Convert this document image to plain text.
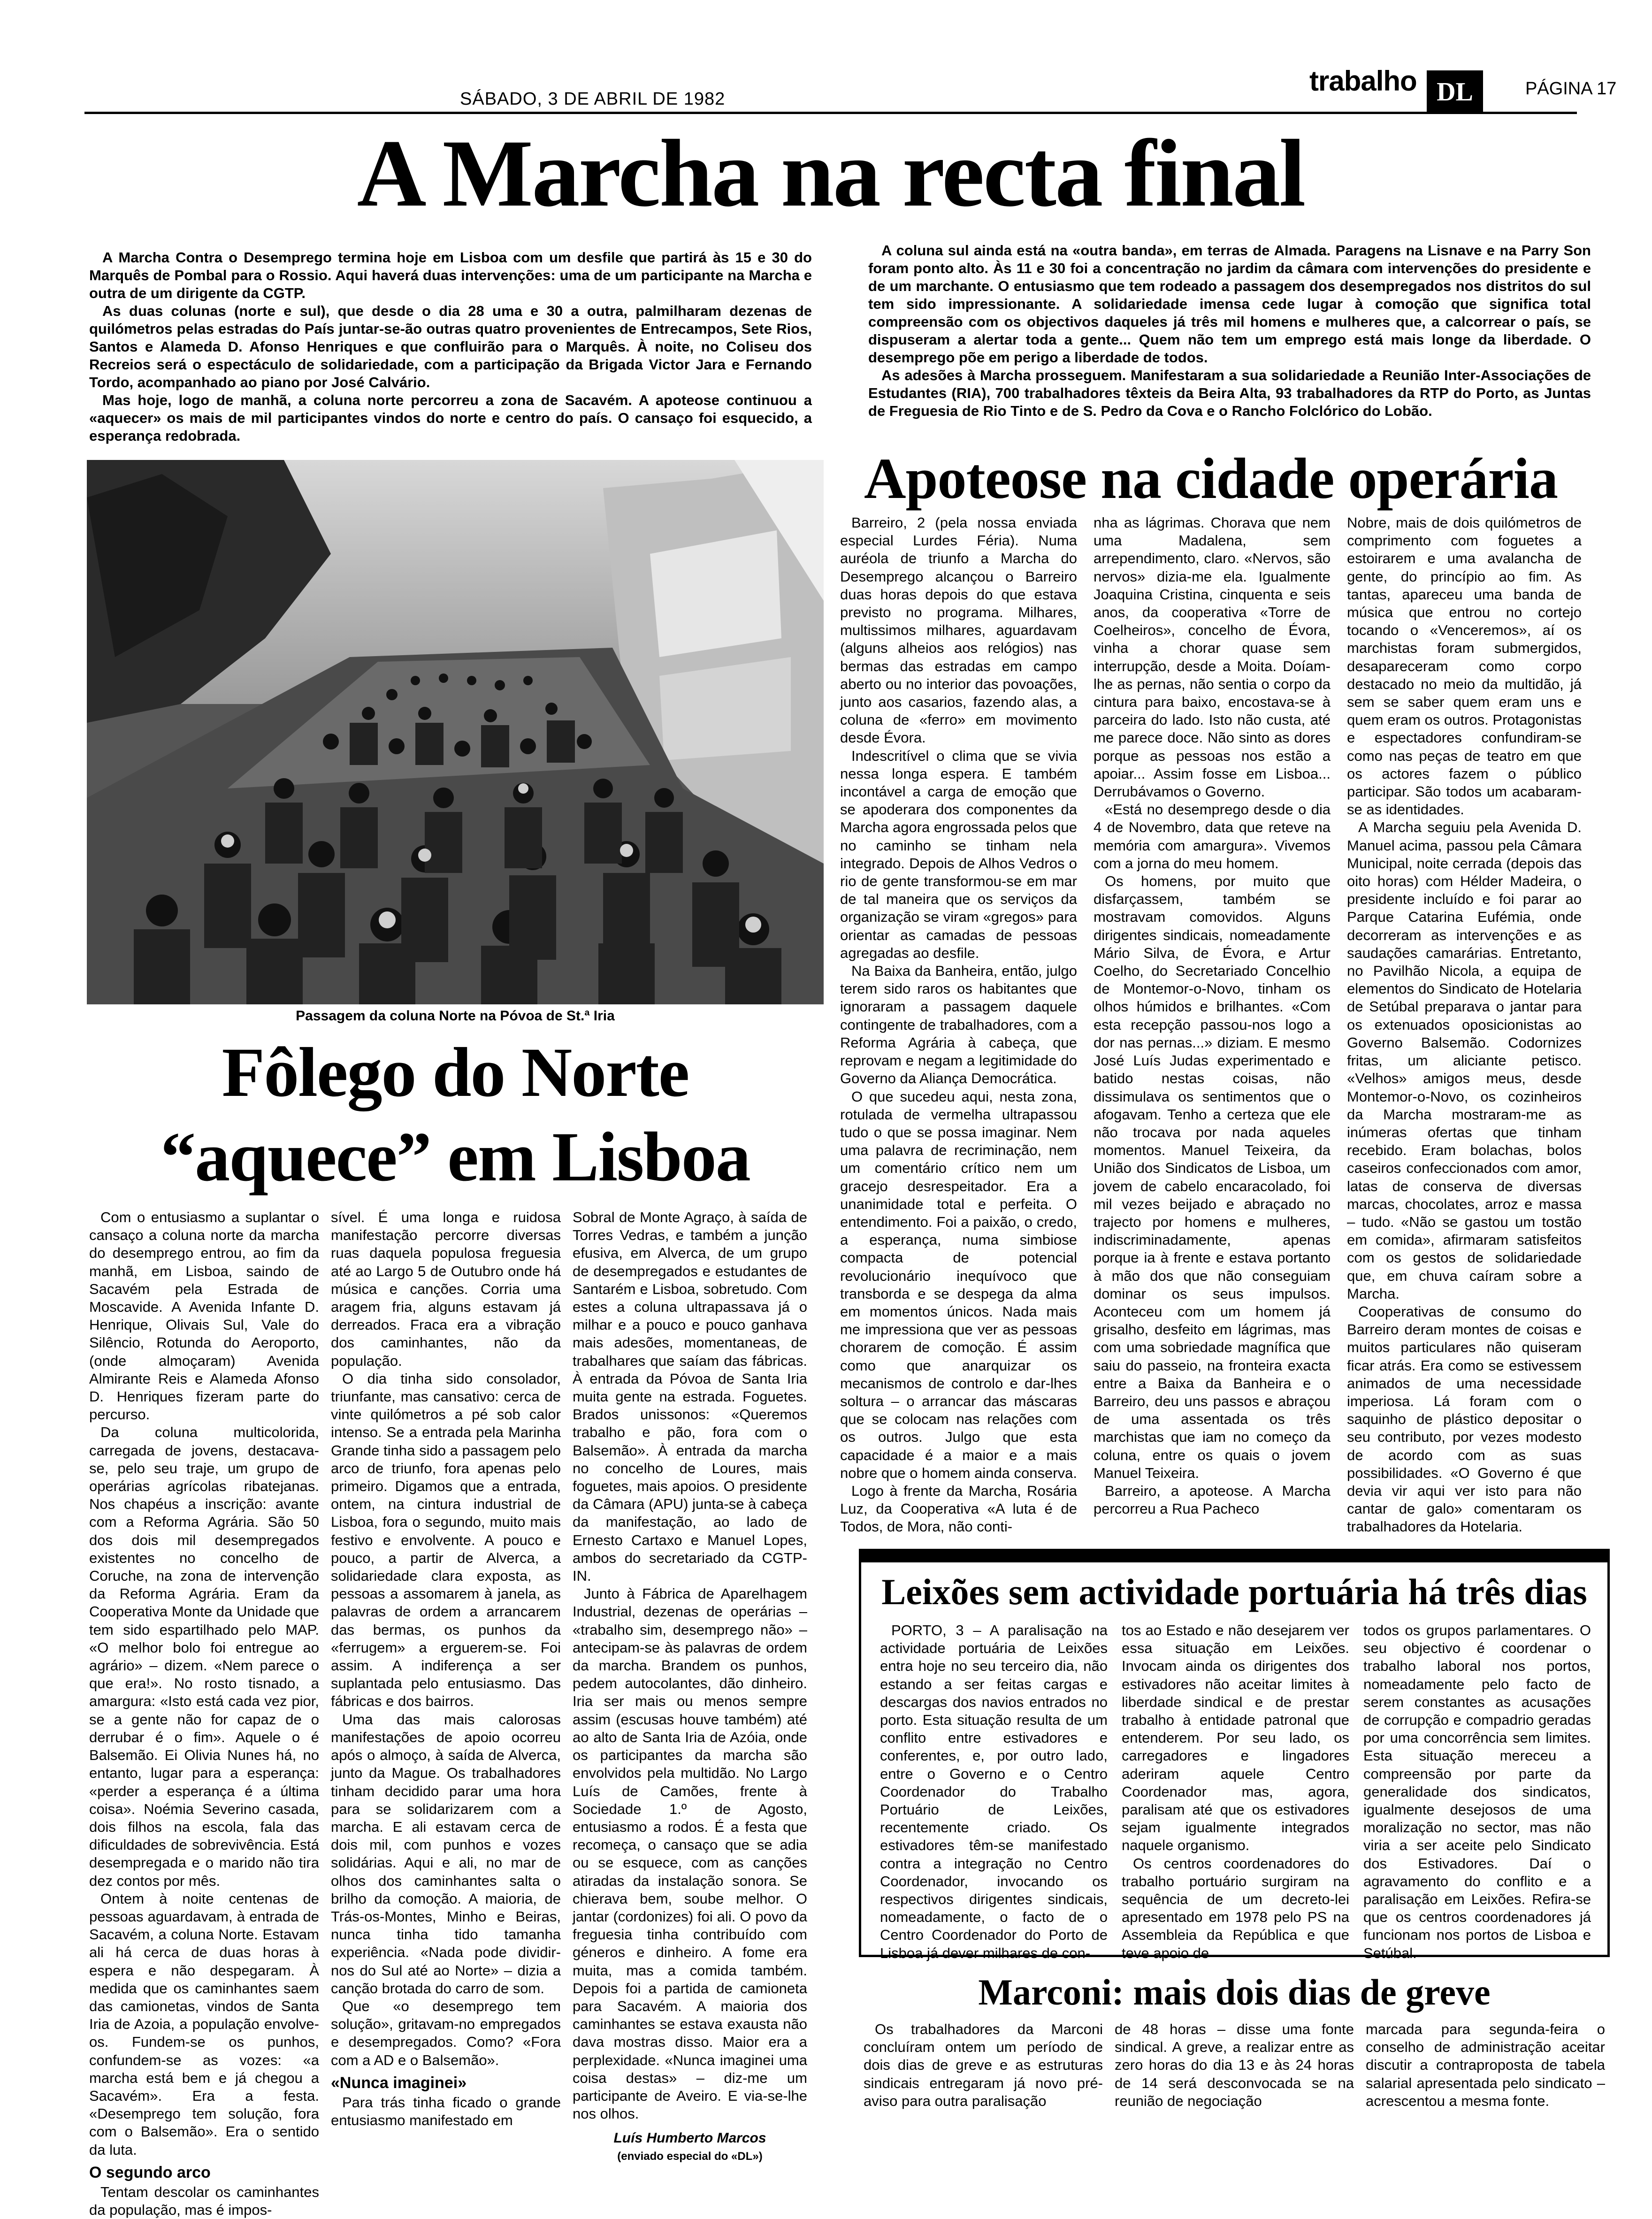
SÁBADO, 3 DE ABRIL DE 1982
trabalho DL	PÁGINA 17
A Marcha na recta final

A Marcha Contra o Desemprego termina hoje em Lisboa com um desfile que partirá às 15 e 30 do Marquês de Pombal para o Rossio. Aqui haverá duas intervenções: uma de um participante na Marcha e outra de um dirigente da CGTP.

As duas colunas (norte e sul), que desde o dia 28 uma e 30 a outra, palmilharam dezenas de quilómetros pelas estradas do País juntar-se-ão outras quatro provenientes de Entrecampos, Sete Rios, Santos e Alameda D. Afonso Henriques e que confluirão para o Marquês. À noite, no Coliseu dos Recreios será o espectáculo de solidariedade, com a participação da Brigada Victor Jara e Fernando Tordo, acompanhado ao piano por José Calvário.

Mas hoje, logo de manhã, a coluna norte percorreu a zona de Sacavém. A apoteose continuou a «aquecer» os mais de mil participantes vindos do norte e centro do país. O cansaço foi esquecido, a esperança redobrada.

A coluna sul ainda está na «outra banda», em terras de Almada. Paragens na Lisnave e na Parry Son foram ponto alto. Às 11 e 30 foi a concentração no jardim da câmara com intervenções do presidente e de um marchante. O entusiasmo que tem rodeado a passagem dos desempregados nos distritos do sul tem sido impressionante. A solidariedade imensa cede lugar à comoção que significa total compreensão com os objectivos daqueles já três mil homens e mulheres que, a calcorrear o país, se dispuseram a alertar toda a gente... Quem não tem um emprego está mais longe da liberdade. O desemprego põe em perigo a liberdade de todos.

As adesões à Marcha prosseguem. Manifestaram a sua solidariedade a Reunião Inter-Associações de Estudantes (RIA), 700 trabalhadores têxteis da Beira Alta, 93 trabalhadores da RTP do Porto, as Juntas de Freguesia de Rio Tinto e de S. Pedro da Cova e o Rancho Folclórico do Lobão.

Passagem da coluna Norte na Póvoa de St.ª Iria
Fôlego do Norte
“aquece” em Lisboa

Com o entusiasmo a suplantar o cansaço a coluna norte da marcha do desemprego entrou, ao fim da manhã, em Lisboa, saindo de Sacavém pela Estrada de Moscavide. A Avenida Infante D. Henrique, Olivais Sul, Vale do Silêncio, Rotunda do Aeroporto, (onde almoçaram) Avenida Almirante Reis e Alameda Afonso D. Henriques fizeram parte do percurso.

Da coluna multicolorida, carregada de jovens, destacava-se, pelo seu traje, um grupo de operárias agrícolas ribatejanas. Nos chapéus a inscrição: avante com a Reforma Agrária. São 50 dos dois mil desempregados existentes no concelho de Coruche, na zona de intervenção da Reforma Agrária. Eram da Cooperativa Monte da Unidade que tem sido espartilhado pelo MAP. «O melhor bolo foi entregue ao agrário» – dizem. «Nem parece o que era!». No rosto tisnado, a amargura: «Isto está cada vez pior, se a gente não for capaz de o derrubar é o fim». Aquele o é Balsemão. Ei Olivia Nunes há, no entanto, lugar para a esperança: «perder a esperança é a última coisa». Noémia Severino casada, dois filhos na escola, fala das dificuldades de sobrevivência. Está desempregada e o marido não tira dez contos por mês.

Ontem à noite centenas de pessoas aguardavam, à entrada de Sacavém, a coluna Norte. Estavam ali há cerca de duas horas à espera e não despegaram. À medida que os caminhantes saem das camionetas, vindos de Santa Iria de Azoia, a população envolve-os. Fundem-se os punhos, confundem-se as vozes: «a marcha está bem e já chegou a Sacavém». Era a festa. «Desemprego tem solução, fora com o Balsemão». Era o sentido da luta.

O segundo arco

Tentam descolar os caminhantes da população, mas é impos-

sível. É uma longa e ruidosa manifestação percorre diversas ruas daquela populosa freguesia até ao Largo 5 de Outubro onde há música e canções. Corria uma aragem fria, alguns estavam já derreados. Fraca era a vibração dos caminhantes, não da população.

O dia tinha sido consolador, triunfante, mas cansativo: cerca de vinte quilómetros a pé sob calor intenso. Se a entrada pela Marinha Grande tinha sido a passagem pelo arco de triunfo, fora apenas pelo primeiro. Digamos que a entrada, ontem, na cintura industrial de Lisboa, fora o segundo, muito mais festivo e envolvente. A pouco e pouco, a partir de Alverca, a solidariedade clara exposta, as pessoas a assomarem à janela, as palavras de ordem a arrancarem das bermas, os punhos da «ferrugem» a erguerem-se. Foi assim. A indiferença a ser suplantada pelo entusiasmo. Das fábricas e dos bairros.

Uma das mais calorosas manifestações de apoio ocorreu após o almoço, à saída de Alverca, junto da Mague. Os trabalhadores tinham decidido parar uma hora para se solidarizarem com a marcha. E ali estavam cerca de dois mil, com punhos e vozes solidárias. Aqui e ali, no mar de olhos dos caminhantes salta o brilho da comoção. A maioria, de Trás-os-Montes, Minho e Beiras, nunca tinha tido tamanha experiência. «Nada pode dividir-nos do Sul até ao Norte» – dizia a canção brotada do carro de som.

Que «o desemprego tem solução», gritavam-no empregados e desempregados. Como? «Fora com a AD e o Balsemão».

«Nunca imaginei»

Para trás tinha ficado o grande entusiasmo manifestado em

Sobral de Monte Agraço, à saída de Torres Vedras, e também a junção efusiva, em Alverca, de um grupo de desempregados e estudantes de Santarém e Lisboa, sobretudo. Com estes a coluna ultrapassava já o milhar e a pouco e pouco ganhava mais adesões, momentaneas, de trabalhares que saíam das fábricas. À entrada da Póvoa de Santa Iria muita gente na estrada. Foguetes. Brados unissonos: «Queremos trabalho e pão, fora com o Balsemão». À entrada da marcha no concelho de Loures, mais foguetes, mais apoios. O presidente da Câmara (APU) junta-se à cabeça da manifestação, ao lado de Ernesto Cartaxo e Manuel Lopes, ambos do secretariado da CGTP-IN.

Junto à Fábrica de Aparelhagem Industrial, dezenas de operárias – «trabalho sim, desemprego não» – antecipam-se às palavras de ordem da marcha. Brandem os punhos, pedem autocolantes, dão dinheiro. Iria ser mais ou menos sempre assim (escusas houve também) até ao alto de Santa Iria de Azóia, onde os participantes da marcha são envolvidos pela multidão. No Largo Luís de Camões, frente à Sociedade 1.º de Agosto, entusiasmo a rodos. É a festa que recomeça, o cansaço que se adia ou se esquece, com as canções atiradas da instalação sonora. Se chierava bem, soube melhor. O jantar (cordonizes) foi ali. O povo da freguesia tinha contribuído com géneros e dinheiro. A fome era muita, mas a comida também. Depois foi a partida de camioneta para Sacavém. A maioria dos caminhantes se estava exausta não dava mostras disso. Maior era a perplexidade. «Nunca imaginei uma coisa destas» – diz-me um participante de Aveiro. E via-se-lhe nos olhos.

Luís Humberto Marcos

(enviado especial do «DL»)

Apoteose na cidade operária

Barreiro, 2 (pela nossa enviada especial Lurdes Féria). Numa auréola de triunfo a Marcha do Desemprego alcançou o Barreiro duas horas depois do que estava previsto no programa. Milhares, multissimos milhares, aguardavam (alguns alheios aos relógios) nas bermas das estradas em campo aberto ou no interior das povoações, junto aos casarios, fazendo alas, a coluna de «ferro» em movimento desde Évora.

Indescritível o clima que se vivia nessa longa espera. E também incontável a carga de emoção que se apoderara dos componentes da Marcha agora engrossada pelos que no caminho se tinham nela integrado. Depois de Alhos Vedros o rio de gente transformou-se em mar de tal maneira que os serviços da organização se viram «gregos» para orientar as camadas de pessoas agregadas ao desfile.

Na Baixa da Banheira, então, julgo terem sido raros os habitantes que ignoraram a passagem daquele contingente de trabalhadores, com a Reforma Agrária à cabeça, que reprovam e negam a legitimidade do Governo da Aliança Democrática.

O que sucedeu aqui, nesta zona, rotulada de vermelha ultrapassou tudo o que se possa imaginar. Nem uma palavra de recriminação, nem um comentário crítico nem um gracejo desrespeitador. Era a unanimidade total e perfeita. O entendimento. Foi a paixão, o credo, a esperança, numa simbiose compacta de potencial revolucionário inequívoco que transborda e se despega da alma em momentos únicos. Nada mais me impressiona que ver as pessoas chorarem de comoção. É assim como que anarquizar os mecanismos de controlo e dar-lhes soltura – o arrancar das máscaras que se colocam nas relações com os outros. Julgo que esta capacidade é a maior e a mais nobre que o homem ainda conserva.

Logo à frente da Marcha, Rosária Luz, da Cooperativa «A luta é de Todos, de Mora, não conti-

nha as lágrimas. Chorava que nem uma Madalena, sem arrependimento, claro. «Nervos, são nervos» dizia-me ela. Igualmente Joaquina Cristina, cinquenta e seis anos, da cooperativa «Torre de Coelheiros», concelho de Évora, vinha a chorar quase sem interrupção, desde a Moita. Doíam-lhe as pernas, não sentia o corpo da cintura para baixo, encostava-se à parceira do lado. Isto não custa, até me parece doce. Não sinto as dores porque as pessoas nos estão a apoiar... Assim fosse em Lisboa... Derrubávamos o Governo.

«Está no desemprego desde o dia 4 de Novembro, data que reteve na memória com amargura». Vivemos com a jorna do meu homem.

Os homens, por muito que disfarçassem, também se mostravam comovidos. Alguns dirigentes sindicais, nomeadamente Mário Silva, de Évora, e Artur Coelho, do Secretariado Concelhio de Montemor-o-Novo, tinham os olhos húmidos e brilhantes. «Com esta recepção passou-nos logo a dor nas pernas...» diziam. E mesmo José Luís Judas experimentado e batido nestas coisas, não dissimulava os sentimentos que o afogavam. Tenho a certeza que ele não trocava por nada aqueles momentos. Manuel Teixeira, da União dos Sindicatos de Lisboa, um jovem de cabelo encaracolado, foi mil vezes beijado e abraçado no trajecto por homens e mulheres, indiscriminadamente, apenas porque ia à frente e estava portanto à mão dos que não conseguiam dominar os seus impulsos. Aconteceu com um homem já grisalho, desfeito em lágrimas, mas com uma sobriedade magnífica que saiu do passeio, na fronteira exacta entre a Baixa da Banheira e o Barreiro, deu uns passos e abraçou de uma assentada os três marchistas que iam no começo da coluna, entre os quais o jovem Manuel Teixeira.

Barreiro, a apoteose. A Marcha percorreu a Rua Pacheco

Nobre, mais de dois quilómetros de comprimento com foguetes a estoirarem e uma avalancha de gente, do princípio ao fim. As tantas, apareceu uma banda de música que entrou no cortejo tocando o «Venceremos», aí os marchistas foram submergidos, desapareceram como corpo destacado no meio da multidão, já sem se saber quem eram uns e quem eram os outros. Protagonistas e espectadores confundiram-se como nas peças de teatro em que os actores fazem o público participar. São todos um acabaram-se as identidades.

A Marcha seguiu pela Avenida D. Manuel acima, passou pela Câmara Municipal, noite cerrada (depois das oito horas) com Hélder Madeira, o presidente incluído e foi parar ao Parque Catarina Eufémia, onde decorreram as intervenções e as saudações camarárias. Entretanto, no Pavilhão Nicola, a equipa de elementos do Sindicato de Hotelaria de Setúbal preparava o jantar para os extenuados oposicionistas ao Governo Balsemão. Codornizes fritas, um aliciante petisco. «Velhos» amigos meus, desde Montemor-o-Novo, os cozinheiros da Marcha mostraram-me as inúmeras ofertas que tinham recebido. Eram bolachas, bolos caseiros confeccionados com amor, latas de conserva de diversas marcas, chocolates, arroz e massa – tudo. «Não se gastou um tostão em comida», afirmaram satisfeitos com os gestos de solidariedade que, em chuva caíram sobre a Marcha.

Cooperativas de consumo do Barreiro deram montes de coisas e muitos particulares não quiseram ficar atrás. Era como se estivessem animados de uma necessidade imperiosa. Lá foram com o saquinho de plástico depositar o seu contributo, por vezes modesto de acordo com as suas possibilidades. «O Governo é que devia vir aqui ver isto para não cantar de galo» comentaram os trabalhadores da Hotelaria.

Leixões sem actividade portuária há três dias

PORTO, 3 – A paralisação na actividade portuária de Leixões entra hoje no seu terceiro dia, não estando a ser feitas cargas e descargas dos navios entrados no porto. Esta situação resulta de um conflito entre estivadores e conferentes, e, por outro lado, entre o Governo e o Centro Coordenador do Trabalho Portuário de Leixões, recentemente criado. Os estivadores têm-se manifestado contra a integração no Centro Coordenador, invocando os respectivos dirigentes sindicais, nomeadamente, o facto de o Centro Coordenador do Porto de Lisboa já dever milhares de con-

tos ao Estado e não desejarem ver essa situação em Leixões. Invocam ainda os dirigentes dos estivadores não aceitar limites à liberdade sindical e de prestar trabalho à entidade patronal que entenderem. Por seu lado, os carregadores e lingadores aderiram aquele Centro Coordenador mas, agora, paralisam até que os estivadores sejam igualmente integrados naquele organismo.

Os centros coordenadores do trabalho portuário surgiram na sequência de um decreto-lei apresentado em 1978 pelo PS na Assembleia da República e que teve apoio de

todos os grupos parlamentares. O seu objectivo é coordenar o trabalho laboral nos portos, nomeadamente pelo facto de serem constantes as acusações de corrupção e compadrio geradas por uma concorrência sem limites. Esta situação mereceu a compreensão por parte da generalidade dos sindicatos, igualmente desejosos de uma moralização no sector, mas não viria a ser aceite pelo Sindicato dos Estivadores. Daí o agravamento do conflito e a paralisação em Leixões. Refira-se que os centros coordenadores já funcionam nos portos de Lisboa e Setúbal.

Marconi: mais dois dias de greve

Os trabalhadores da Marconi concluíram ontem um período de dois dias de greve e as estruturas sindicais entregaram já novo pré-aviso para outra paralisação

de 48 horas – disse uma fonte sindical. A greve, a realizar entre as zero horas do dia 13 e às 24 horas de 14 será desconvocada se na reunião de negociação

marcada para segunda-feira o conselho de administração aceitar discutir a contraproposta de tabela salarial apresentada pelo sindicato – acrescentou a mesma fonte.
